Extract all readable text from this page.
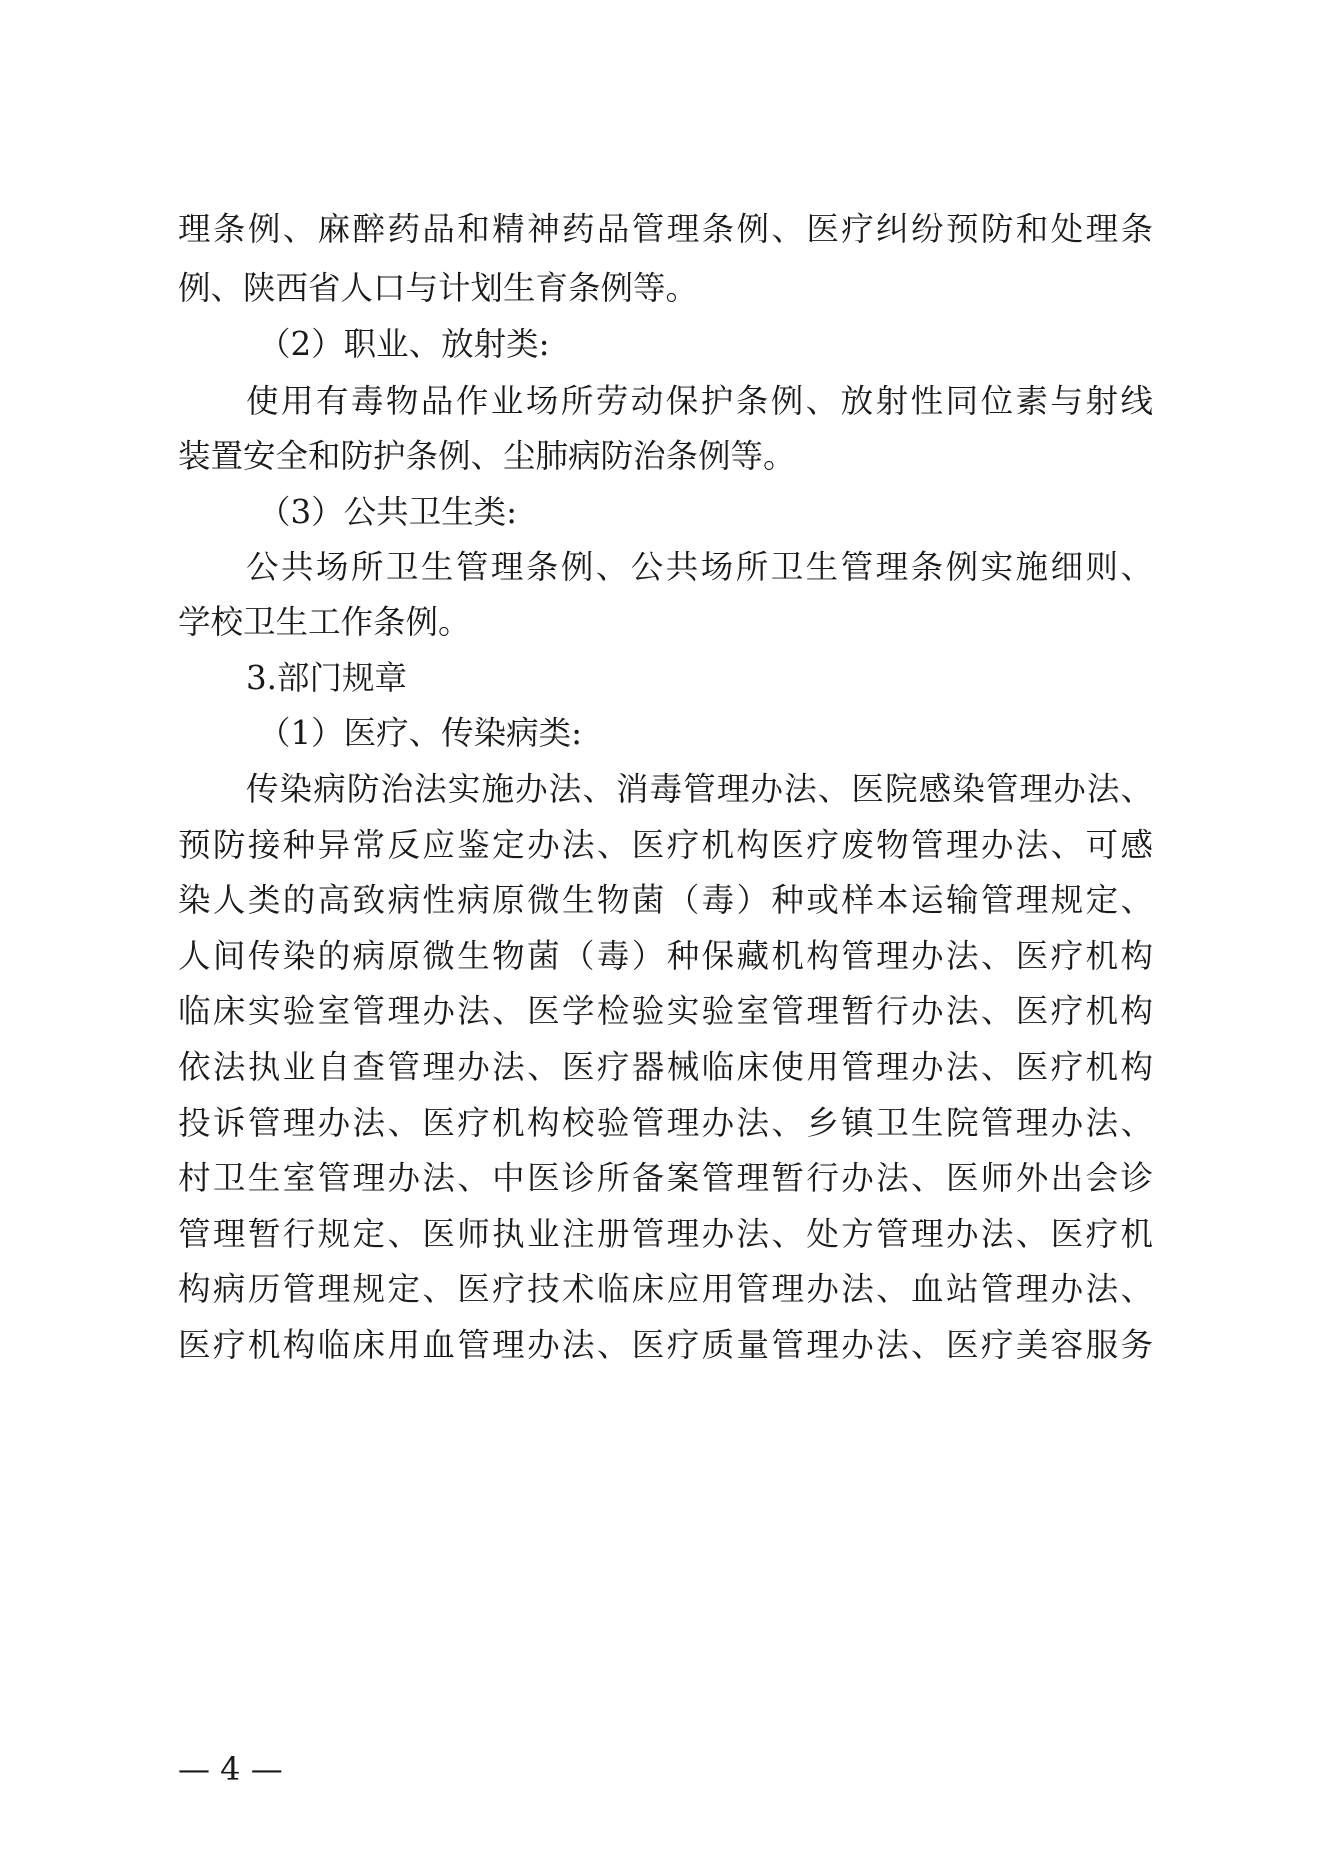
理条例、麻醉药品和精神药品管理条例、医疗纠纷预防和处理条
例、陕西省人口与计划生育条例等。
（2）职业、放射类:
使用有毒物品作业场所劳动保护条例、放射性同位素与射线
装置安全和防护条例、尘肺病防治条例等。
（3）公共卫生类:
公共场所卫生管理条例、公共场所卫生管理条例实施细则、
学校卫生工作条例。
3.部门规章
（1）医疗、传染病类:
传染病防治法实施办法、消毒管理办法、医院感染管理办法、
预防接种异常反应鉴定办法、医疗机构医疗废物管理办法、可感
染人类的高致病性病原微生物菌（毒）种或样本运输管理规定、
人间传染的病原微生物菌（毒）种保藏机构管理办法、医疗机构
临床实验室管理办法、医学检验实验室管理暂行办法、医疗机构
依法执业自查管理办法、医疗器械临床使用管理办法、医疗机构
投诉管理办法、医疗机构校验管理办法、乡镇卫生院管理办法、
村卫生室管理办法、中医诊所备案管理暂行办法、医师外出会诊
管理暂行规定、医师执业注册管理办法、处方管理办法、医疗机
构病历管理规定、医疗技术临床应用管理办法、血站管理办法、
医疗机构临床用血管理办法、医疗质量管理办法、医疗美容服务
— 4 —
